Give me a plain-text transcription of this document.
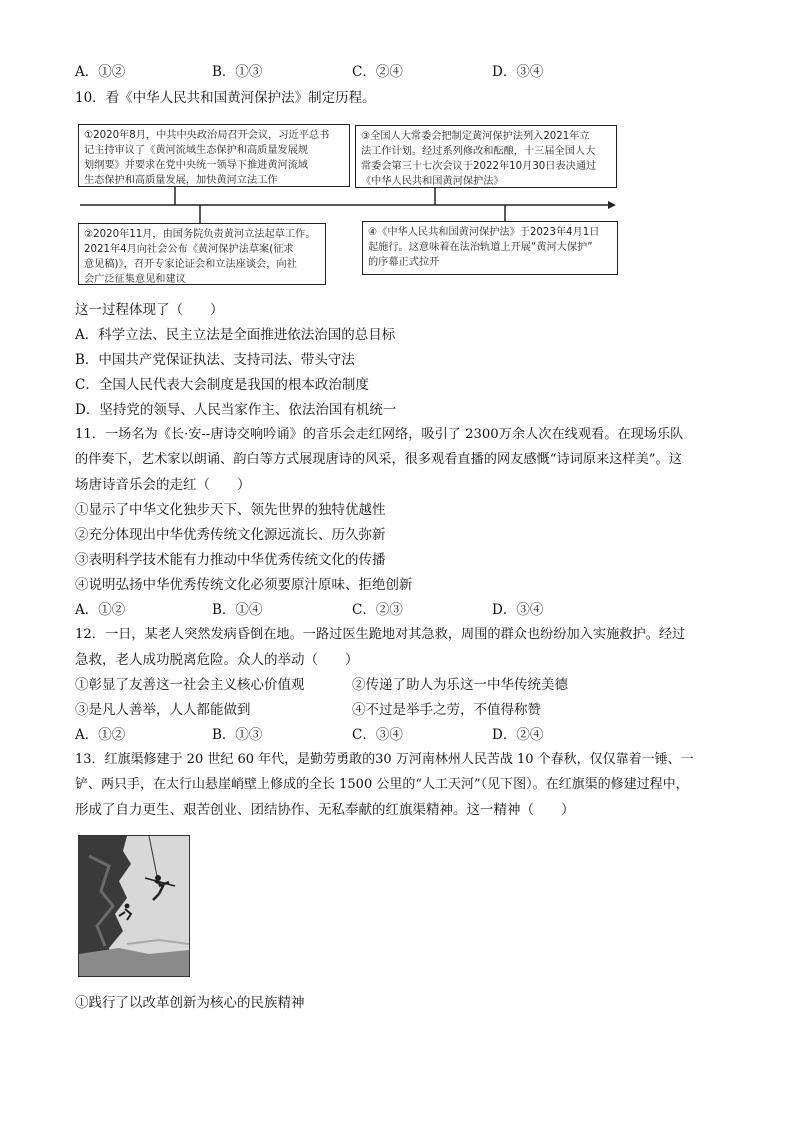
A．①②	B．①③	C．②④	D．③④
10．看《中华人民共和国黄河保护法》制定历程。
①2020年8月，中共中央政治局召开会议，习近平总书
记主持审议了《黄河流域生态保护和高质量发展规
划纲要》并要求在党中央统一领导下推进黄河流域
生态保护和高质量发展，加快黄河立法工作
②2020年11月，由国务院负责黄河立法起草工作。
2021年4月向社会公布《黄河保护法草案(征求
意见稿)》，召开专家论证会和立法座谈会，向社
会广泛征集意见和建议
③全国人大常委会把制定黄河保护法列入2021年立
法工作计划。经过系列修改和酝酿，十三届全国人大
常委会第三十七次会议于2022年10月30日表决通过
《中华人民共和国黄河保护法》
④《中华人民共和国黄河保护法》于2023年4月1日
起施行。这意味着在法治轨道上开展“黄河大保护”
的序幕正式拉开
这一过程体现了（　　）
A．科学立法、民主立法是全面推进依法治国的总目标
B．中国共产党保证执法、支持司法、带头守法
C．全国人民代表大会制度是我国的根本政治制度
D．坚持党的领导、人民当家作主、依法治国有机统一
11．一场名为《长·安--唐诗交响吟诵》的音乐会走红网络，吸引了 2300万余人次在线观看。在现场乐队
的伴奏下，艺术家以朗诵、韵白等方式展现唐诗的风采，很多观看直播的网友感慨“诗词原来这样美”。这
场唐诗音乐会的走红（　　）
①显示了中华文化独步天下、领先世界的独特优越性
②充分体现出中华优秀传统文化源远流长、历久弥新
③表明科学技术能有力推动中华优秀传统文化的传播
④说明弘扬中华优秀传统文化必须要原汁原味、拒绝创新
A．①②	B．①④	C．②③	D．③④
12．一日，某老人突然发病昏倒在地。一路过医生跪地对其急救，周围的群众也纷纷加入实施救护。经过
急救，老人成功脱离危险。众人的举动（　　）
①彰显了友善这一社会主义核心价值观	②传递了助人为乐这一中华传统美德
③是凡人善举，人人都能做到	④不过是举手之劳，不值得称赞
A．①②	B．①③	C．③④	D．②④
13．红旗渠修建于 20 世纪 60 年代，是勤劳勇敢的30 万河南林州人民苦战 10 个春秋，仅仅靠着一锤、一
铲、两只手，在太行山悬崖峭壁上修成的全长 1500 公里的“人工天河”（见下图）。在红旗渠的修建过程中，
形成了自力更生、艰苦创业、团结协作、无私奉献的红旗渠精神。这一精神（　　）
①践行了以改革创新为核心的民族精神
